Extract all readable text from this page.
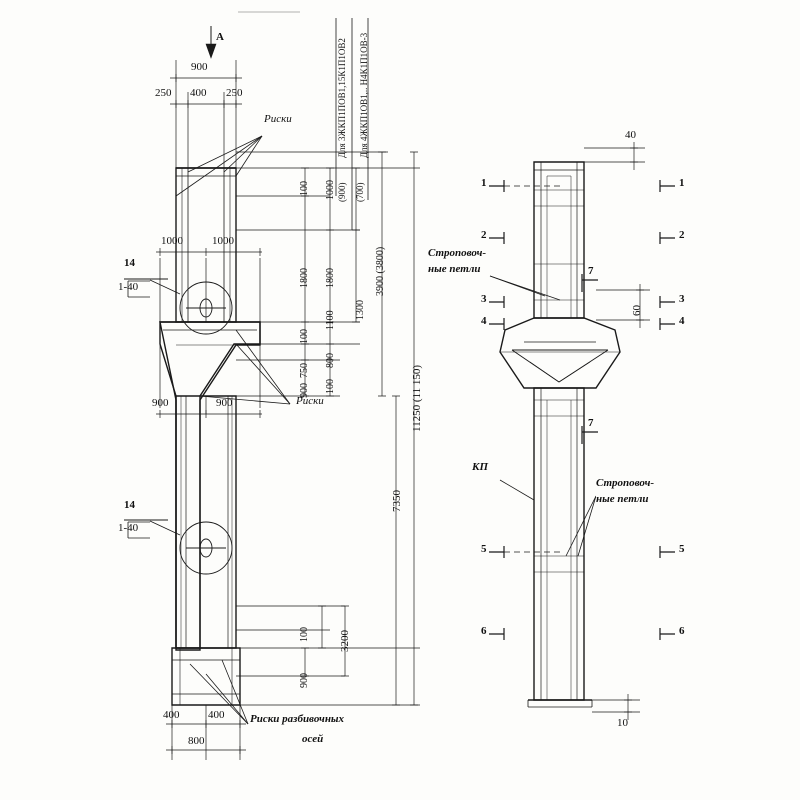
A
900
250 400 250
Риски	Для 3ЖКП1ПОВ1,15К1П1ОВ2 Для 4ЖКП1ОВ1,.. Н4К1П1ОВ-3
1000	1000
900	900
14
1-40
14
1-40
Риски
100
1800
100
750
900
1000 (900)
1800
1100
800
100
(700)
3900 (3800)
1300
7350
11250 (11 150)
3200
100
900
400	400
800
Риски разбивочных
осей
40
60
10
1
2
3
4
5
6
1
2
3
4
5
6
7
7
Строповоч-
ные петли
Строповоч-
ные петли
КП
